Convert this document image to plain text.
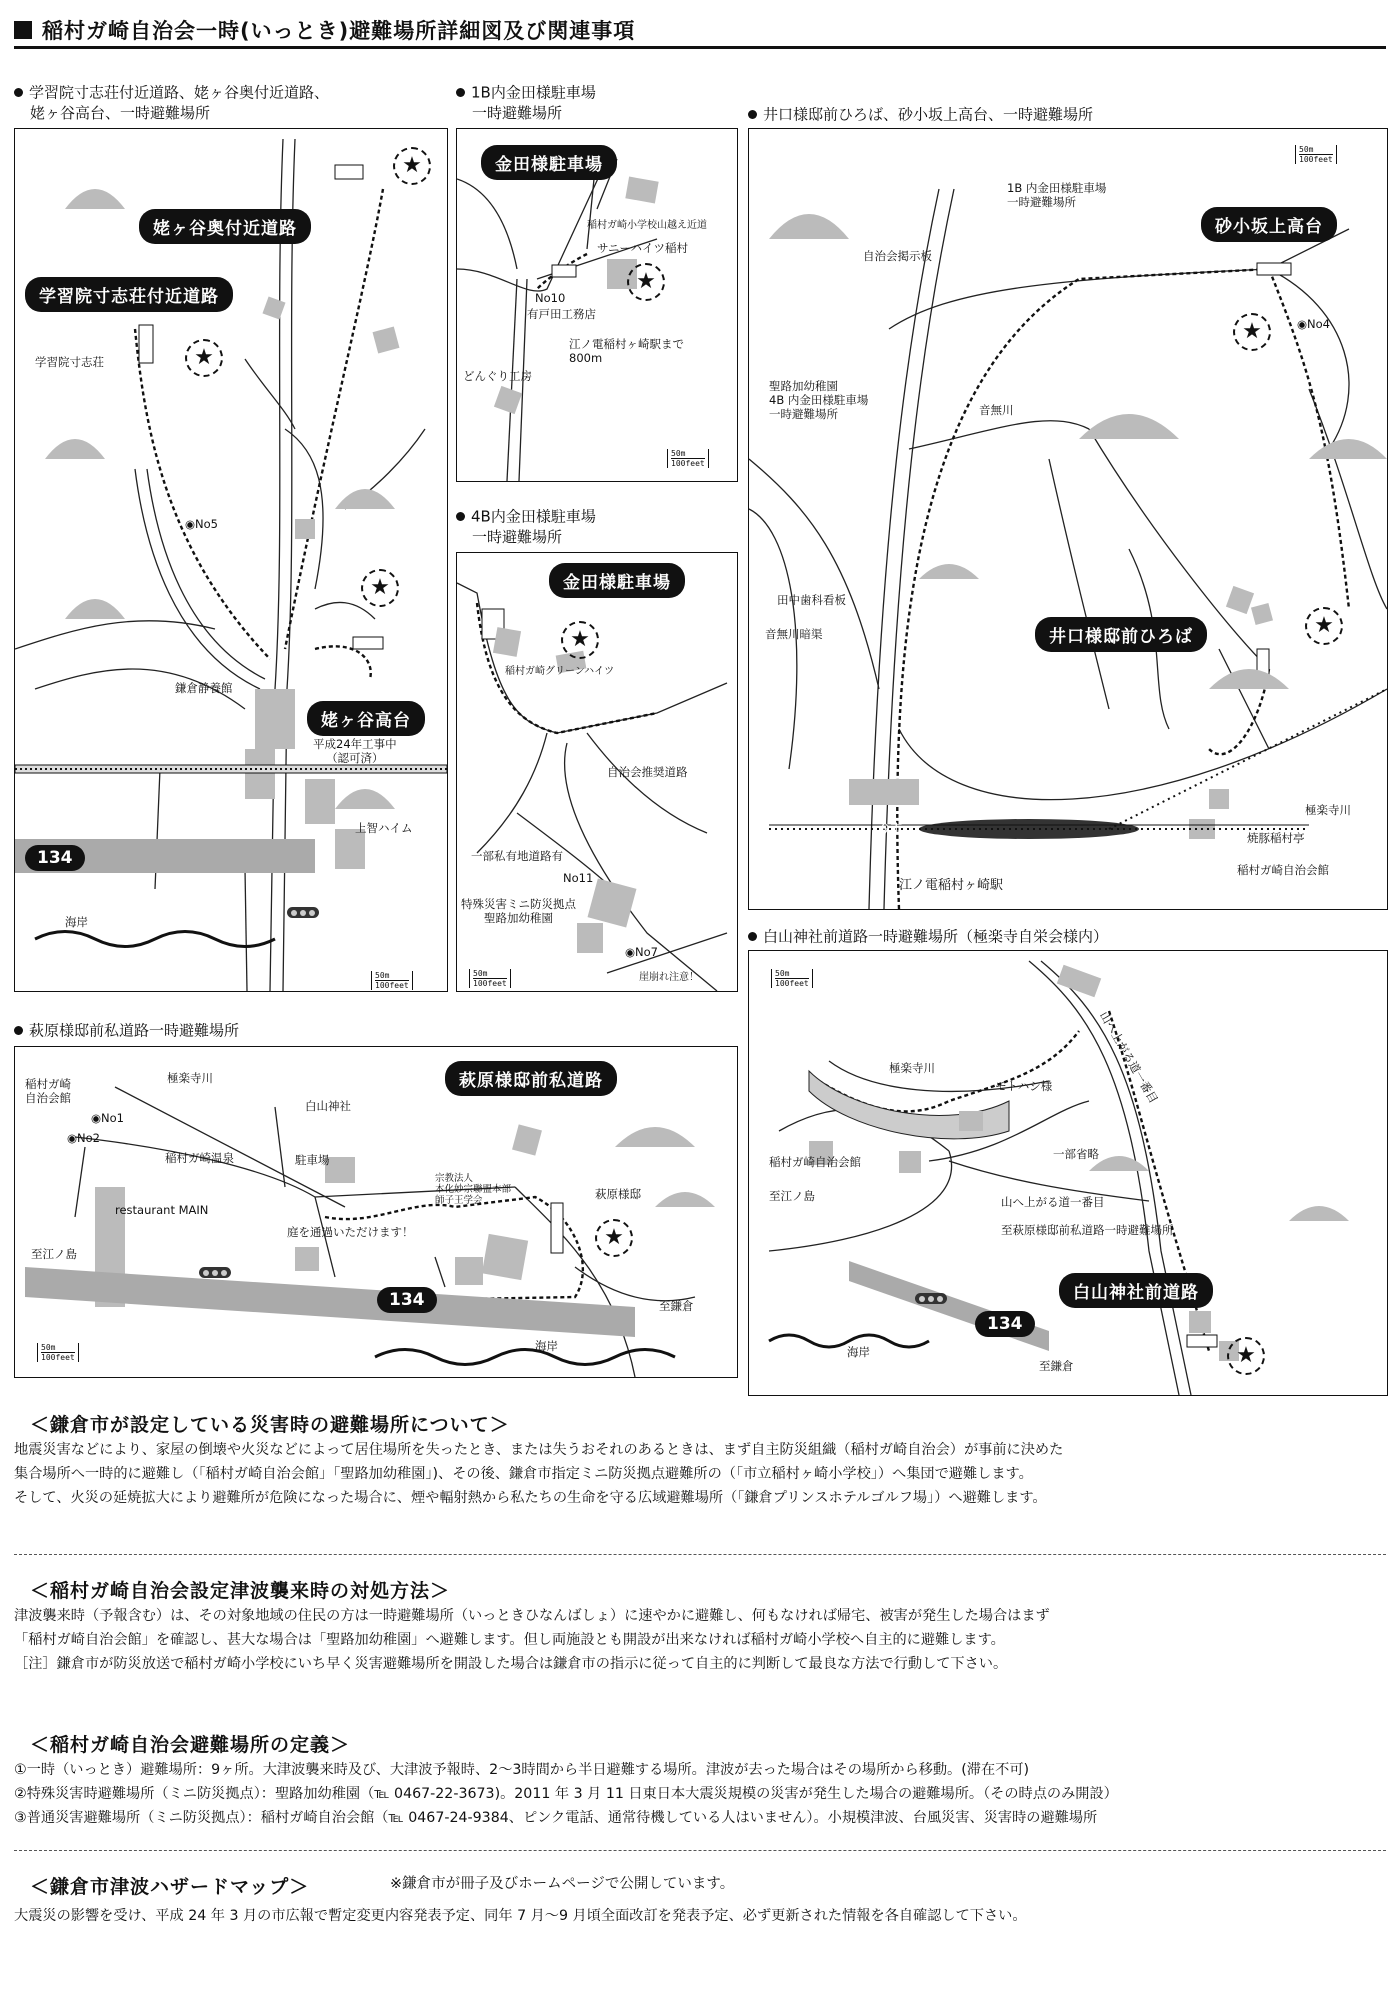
稲村ガ崎自治会一時(いっとき)避難場所詳細図及び関連事項
学習院寸志荘付近道路、姥ヶ谷奥付近道路、
姥ヶ谷高台、一時避難場所
姥ヶ谷奥付近道路
学習院寸志荘付近道路
姥ヶ谷高台
★
★
★
学習院寸志荘
◉No5
鎌倉静養館
平成24年工事中
（認可済）
上智ハイム
海岸
134
50m
100feet
1B内金田様駐車場
一時避難場所
金田様駐車場
★
稲村ガ崎小学校山越え近道
サニーハイツ稲村
No10
有戸田工務店
江ノ電稲村ヶ崎駅まで
800m
どんぐり工房
50m
100feet
4B内金田様駐車場
一時避難場所
金田様駐車場
★
稲村ガ崎グリーンハイツ
自治会推奨道路
一部私有地道路有
No11
特殊災害ミニ防災拠点
聖路加幼稚園
◉No7
崖崩れ注意！
50m
100feet
井口様邸前ひろば、砂小坂上高台、一時避難場所
砂小坂上高台
井口様邸前ひろば
★
★
1B 内金田様駐車場
一時避難場所
自治会掲示板
◉No4
聖路加幼稚園
4B 内金田様駐車場
一時避難場所	音無川
田中歯科看板
音無川暗渠
今市
極楽寺川
焼豚稲村亭
稲村ガ崎自治会館
江ノ電稲村ヶ崎駅
50m
100feet
萩原様邸前私道路一時避難場所
萩原様邸前私道路
★
稲村ガ崎
自治会館
◉No1
◉No2
極楽寺川
稲村ガ崎温泉
restaurant MAIN
白山神社
駐車場
宗教法人
本化妙宗聯盟本部
師子王学会	萩原様邸
庭を通過いただけます！
至江ノ島
至鎌倉
海岸
134
50m
100feet
白山神社前道路一時避難場所（極楽寺自栄会様内）
白山神社前道路
★
山へ上がる道一番目
極楽寺川
モトハシ様
一部省略
稲村ガ崎自治会館
山へ上がる道一番目
至萩原様邸前私道路一時避難場所
至江ノ島
海岸
至鎌倉
134
50m
100feet
＜鎌倉市が設定している災害時の避難場所について＞
地震災害などにより、家屋の倒壊や火災などによって居住場所を失ったとき、または失うおそれのあるときは、まず自主防災組織（稲村ガ崎自治会）が事前に決めた
集合場所へ一時的に避難し（「稲村ガ崎自治会館」「聖路加幼稚園」)、その後、鎌倉市指定ミニ防災拠点避難所の（「市立稲村ヶ崎小学校」）へ集団で避難します。
そして、火災の延焼拡大により避難所が危険になった場合に、煙や輻射熱から私たちの生命を守る広域避難場所（「鎌倉プリンスホテルゴルフ場」）へ避難します。
＜稲村ガ崎自治会設定津波襲来時の対処方法＞
津波襲来時（予報含む）は、その対象地域の住民の方は一時避難場所（いっときひなんばしょ）に速やかに避難し、何もなければ帰宅、被害が発生した場合はまず
「稲村ガ崎自治会館」を確認し、甚大な場合は「聖路加幼稚園」へ避難します。但し両施設とも開設が出来なければ稲村ガ崎小学校へ自主的に避難します。
［注］鎌倉市が防災放送で稲村ガ崎小学校にいち早く災害避難場所を開設した場合は鎌倉市の指示に従って自主的に判断して最良な方法で行動して下さい。
＜稲村ガ崎自治会避難場所の定義＞
①一時（いっとき）避難場所：9ヶ所。大津波襲来時及び、大津波予報時、2～3時間から半日避難する場所。津波が去った場合はその場所から移動。(滞在不可)
②特殊災害時避難場所（ミニ防災拠点）：聖路加幼稚園（℡ 0467-22-3673)。2011 年 3 月 11 日東日本大震災規模の災害が発生した場合の避難場所。（その時点のみ開設）
③普通災害避難場所（ミニ防災拠点）：稲村ガ崎自治会館（℡ 0467-24-9384、ピンク電話、通常待機している人はいません）。小規模津波、台風災害、災害時の避難場所
＜鎌倉市津波ハザードマップ＞	※鎌倉市が冊子及びホームページで公開しています。
大震災の影響を受け、平成 24 年 3 月の市広報で暫定変更内容発表予定、同年 7 月～9 月頃全面改訂を発表予定、必ず更新された情報を各自確認して下さい。
